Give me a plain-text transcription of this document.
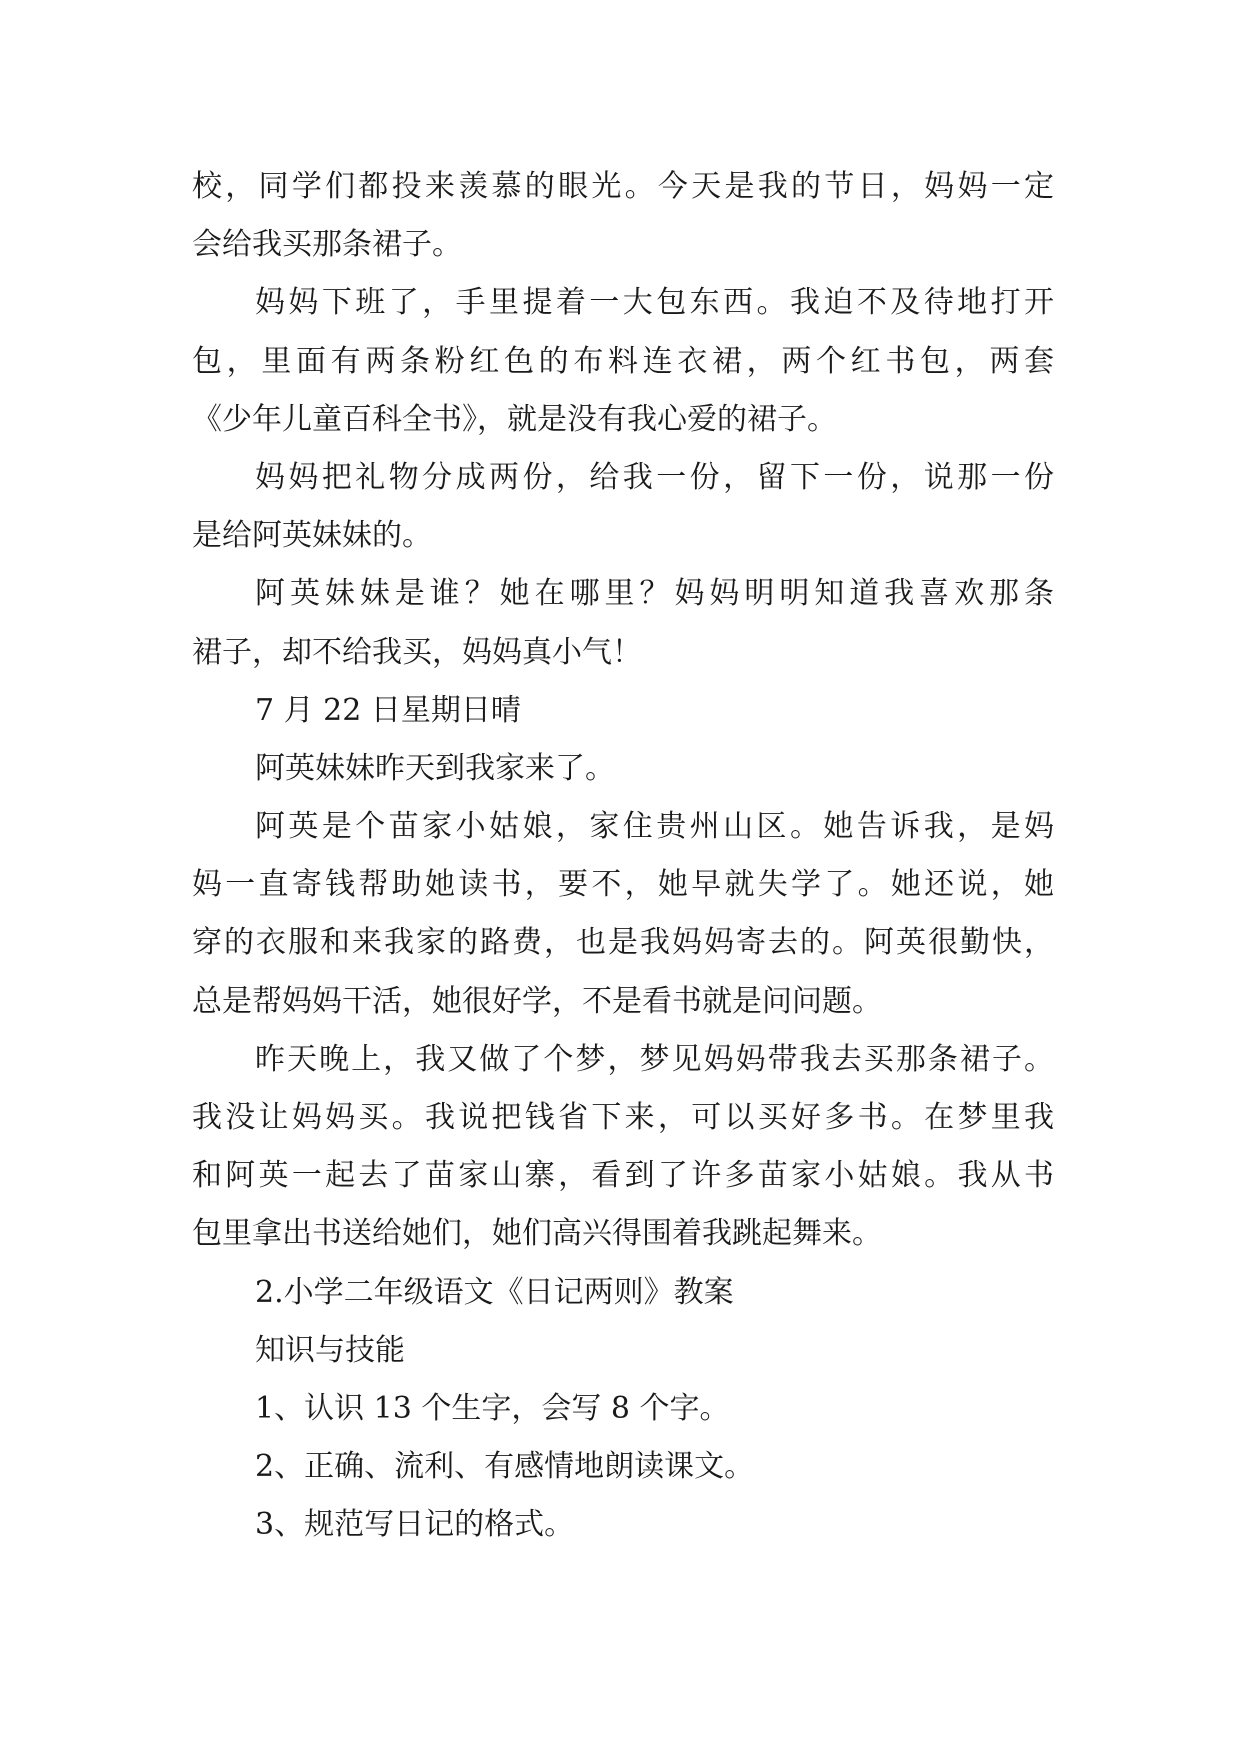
校，同学们都投来羡慕的眼光。今天是我的节日，妈妈一定
会给我买那条裙子。
妈妈下班了，手里提着一大包东西。我迫不及待地打开
包，里面有两条粉红色的布料连衣裙，两个红书包，两套
《少年儿童百科全书》，就是没有我心爱的裙子。
妈妈把礼物分成两份，给我一份，留下一份，说那一份
是给阿英妹妹的。
阿英妹妹是谁？她在哪里？妈妈明明知道我喜欢那条
裙子，却不给我买，妈妈真小气！
7 月 22 日星期日晴
阿英妹妹昨天到我家来了。
阿英是个苗家小姑娘，家住贵州山区。她告诉我，是妈
妈一直寄钱帮助她读书，要不，她早就失学了。她还说，她
穿的衣服和来我家的路费，也是我妈妈寄去的。阿英很勤快，
总是帮妈妈干活，她很好学，不是看书就是问问题。
昨天晚上，我又做了个梦，梦见妈妈带我去买那条裙子。
我没让妈妈买。我说把钱省下来，可以买好多书。在梦里我
和阿英一起去了苗家山寨，看到了许多苗家小姑娘。我从书
包里拿出书送给她们，她们高兴得围着我跳起舞来。
2.小学二年级语文《日记两则》教案
知识与技能
1、认识 13 个生字，会写 8 个字。
2、正确、流利、有感情地朗读课文。
3、规范写日记的格式。
